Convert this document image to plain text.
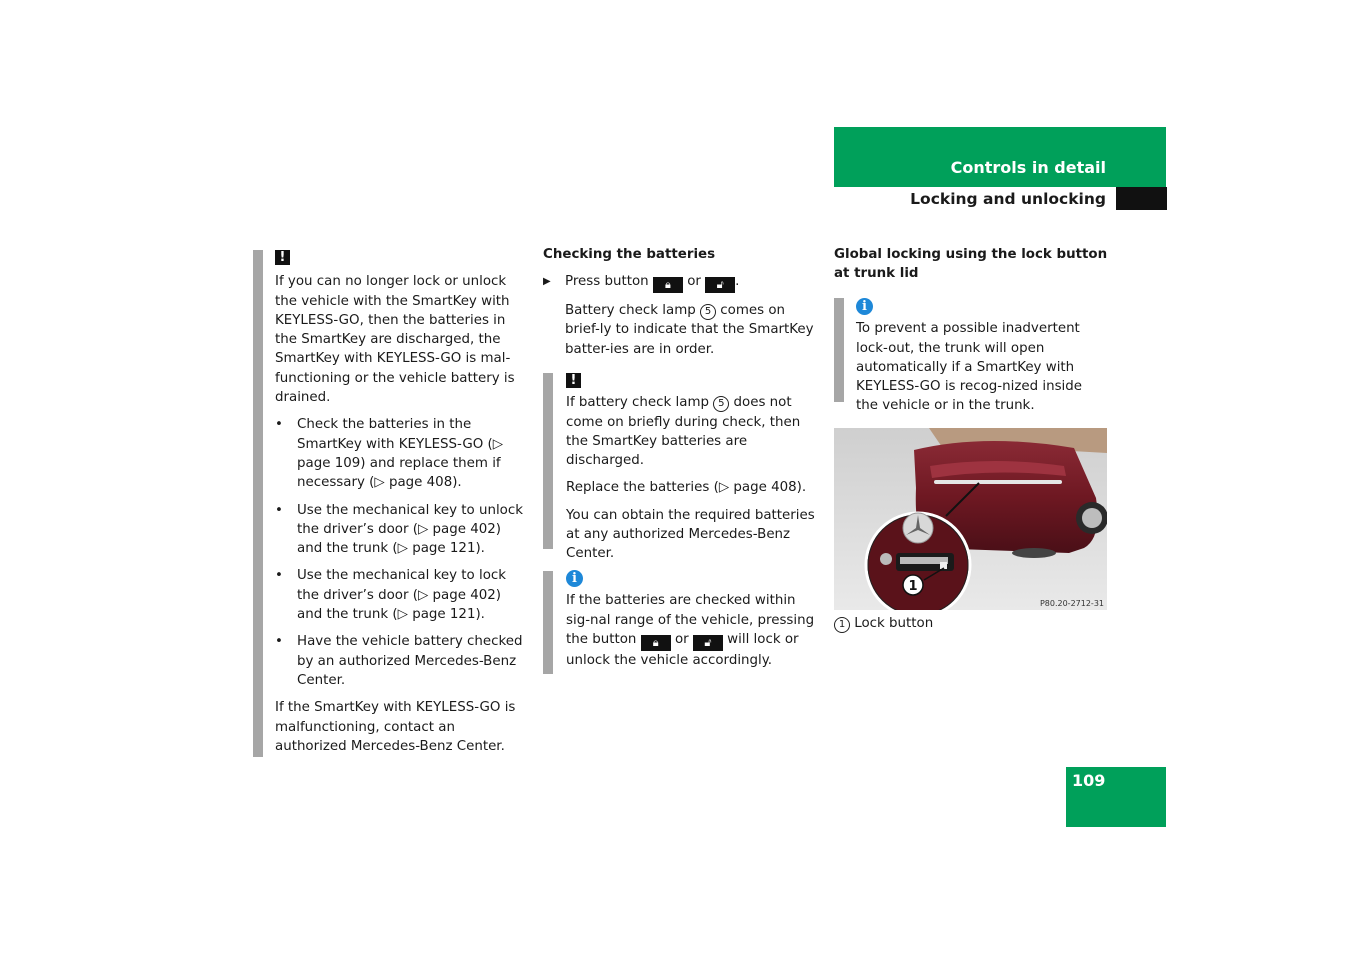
Controls in detail
Locking and unlocking
!

If you can no longer lock or unlock the vehicle with the SmartKey with KEYLESS-GO, then the batteries in the SmartKey are discharged, the SmartKey with KEYLESS-GO is mal-functioning or the vehicle battery is drained.

• Check the batteries in the SmartKey with KEYLESS-GO (▷ page 109) and replace them if necessary (▷ page 408).
• Use the mechanical key to unlock the driver’s door (▷ page 402) and the trunk (▷ page 121).
• Use the mechanical key to lock the driver’s door (▷ page 402) and the trunk (▷ page 121).
• Have the vehicle battery checked by an authorized Mercedes-Benz Center.

If the SmartKey with KEYLESS-GO is malfunctioning, contact an authorized Mercedes-Benz Center.

Checking the batteries
▶ Press button 🔒︎ or 🔓︎ .

Battery check lamp 5 comes on brief-ly to indicate that the SmartKey batter-ies are in order.

!

If battery check lamp 5 does not come on briefly during check, then the SmartKey batteries are discharged.

Replace the batteries (▷ page 408).

You can obtain the required batteries at any authorized Mercedes-Benz Center.

i

If the batteries are checked within sig-nal range of the vehicle, pressing the button 🔒︎ or 🔓︎ will lock or unlock the vehicle accordingly.

Global locking using the lock button at trunk lid
i

To prevent a possible inadvertent lock-out, the trunk will open automatically if a SmartKey with KEYLESS-GO is recog-nized inside the vehicle or in the trunk.

1
P80.20-2712-31
1 Lock button
109
